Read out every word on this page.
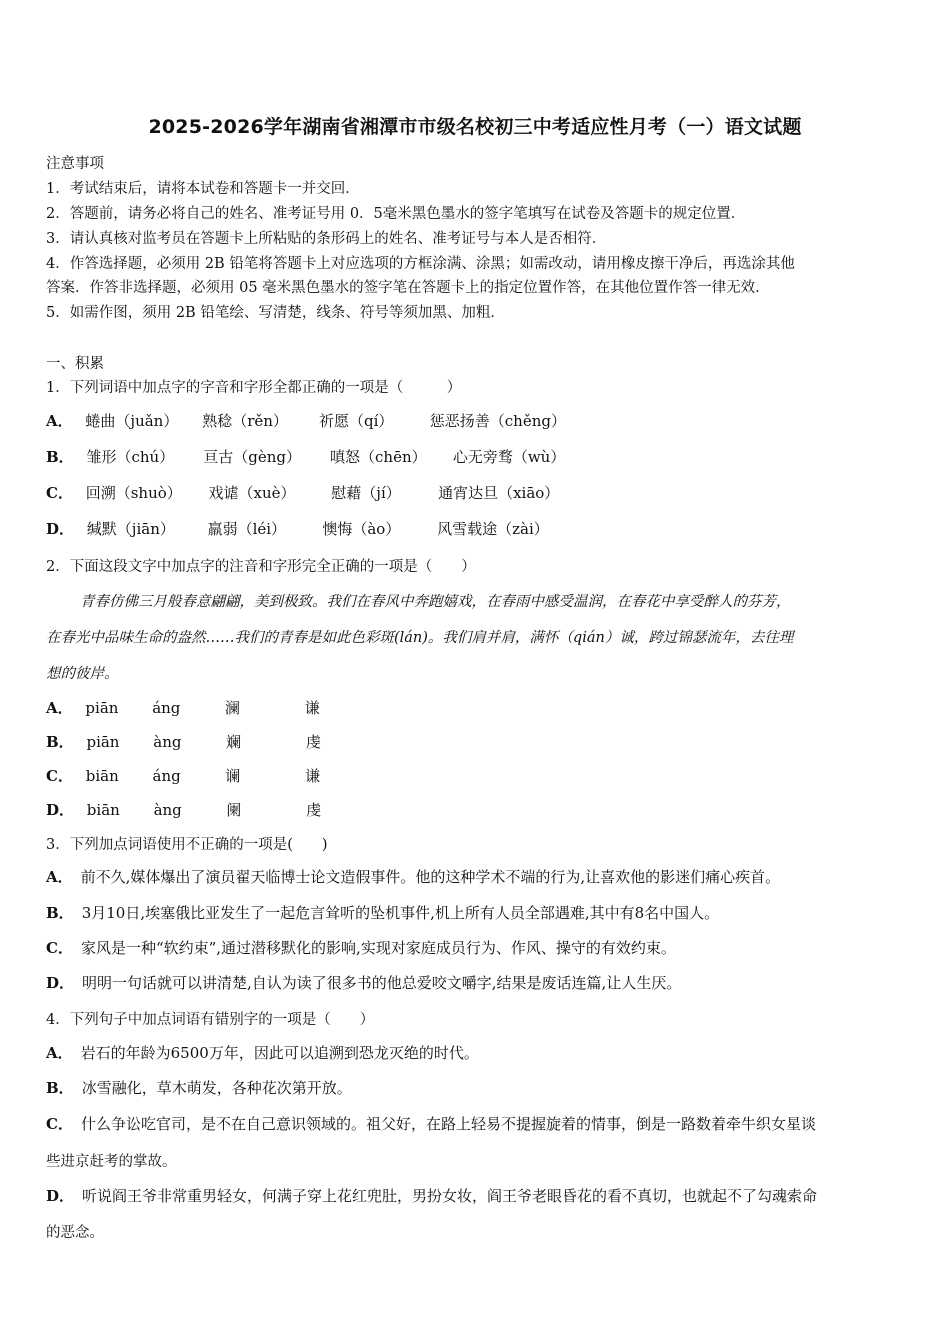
2025-2026学年湖南省湘潭市市级名校初三中考适应性月考（一）语文试题
注意事项
1．考试结束后，请将本试卷和答题卡一并交回．
2．答题前，请务必将自己的姓名、准考证号用 0．5毫米黑色墨水的签字笔填写在试卷及答题卡的规定位置．
3．请认真核对监考员在答题卡上所粘贴的条形码上的姓名、准考证号与本人是否相符．
4．作答选择题，必须用 2B 铅笔将答题卡上对应选项的方框涂满、涂黑；如需改动，请用橡皮擦干净后，再选涂其他
答案．作答非选择题，必须用 05 毫米黑色墨水的签字笔在答题卡上的指定位置作答，在其他位置作答一律无效．
5．如需作图，须用 2B 铅笔绘、写清楚，线条、符号等须加黑、加粗．
一、积累
1．下列词语中加点字的字音和字形全都正确的一项是（　　　）
A． 蜷曲（juǎn） 熟稔（rěn） 祈愿（qí） 惩恶扬善（chěng）
B． 雏形（chú） 亘古（gèng） 嗔怒（chēn） 心无旁骛（wù）
C． 回溯（shuò） 戏谑（xuè） 慰藉（jí） 通宵达旦（xiāo）
D． 缄默（jiān） 羸弱（léi） 懊悔（ào） 风雪载途（zài）
2．下面这段文字中加点字的注音和字形完全正确的一项是（　　）
青春仿佛三月般春意翩翩，美到极致。我们在春风中奔跑嬉戏，在春雨中感受温润，在春花中享受醉人的芬芳，
在春光中品味生命的盎然……我们的青春是如此色彩斑(lán)。我们肩并肩，满怀（qián）诚，跨过锦瑟流年，去往理
想的彼岸。
A． piān áng	澜	谦
B． piān àng	斓	虔
C． biān áng	谰	谦
D． biān àng	阑	虔
3．下列加点词语使用不正确的一项是(　　)
A． 前不久,媒体爆出了演员翟天临博士论文造假事件。他的这种学术不端的行为,让喜欢他的影迷们痛心疾首。
B． 3月10日,埃塞俄比亚发生了一起危言耸听的坠机事件,机上所有人员全部遇难,其中有8名中国人。
C． 家风是一种“软约束”,通过潜移默化的影响,实现对家庭成员行为、作风、操守的有效约束。
D． 明明一句话就可以讲清楚,自认为读了很多书的他总爱咬文嚼字,结果是废话连篇,让人生厌。
4．下列句子中加点词语有错别字的一项是（　　）
A． 岩石的年龄为6500万年，因此可以追溯到恐龙灭绝的时代。
B． 冰雪融化，草木萌发，各种花次第开放。
C． 什么争讼吃官司，是不在自己意识领域的。祖父好，在路上轻易不提握旋着的情事，倒是一路数着牵牛织女星谈
些进京赶考的掌故。
D． 听说阎王爷非常重男轻女，何满子穿上花红兜肚，男扮女妆，阎王爷老眼昏花的看不真切，也就起不了勾魂索命
的恶念。
